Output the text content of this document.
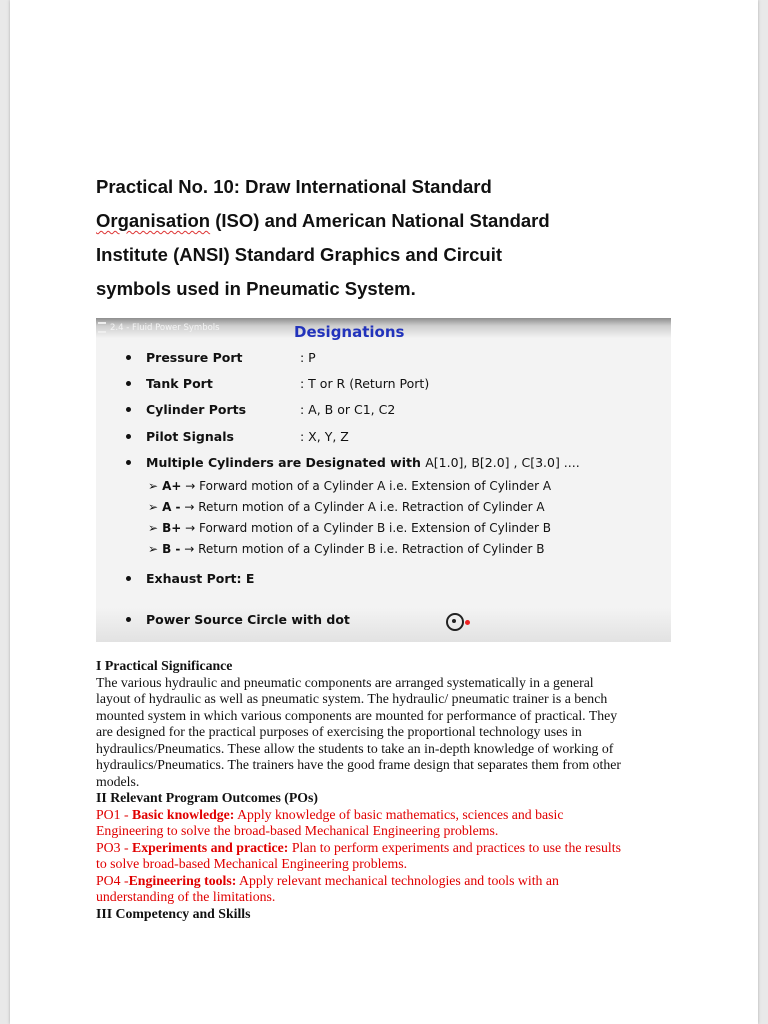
Practical No. 10: Draw International Standard
Organisation (ISO) and American National Standard
Institute (ANSI) Standard Graphics and Circuit
symbols used in Pneumatic System.
2.4 - Fluid Power Symbols	Designations
Pressure Port	: P
Tank Port	: T or R (Return Port)
Cylinder Ports	: A, B or C1, C2
Pilot Signals	: X, Y, Z
Multiple Cylinders are Designated with A[1.0], B[2.0] , C[3.0] ....
➢ A+ → Forward motion of a Cylinder A i.e. Extension of Cylinder A
➢ A - → Return motion of a Cylinder A i.e. Retraction of Cylinder A
➢ B+ → Forward motion of a Cylinder B i.e. Extension of Cylinder B
➢ B - → Return motion of a Cylinder B i.e. Retraction of Cylinder B
Exhaust Port: E
Power Source Circle with dot

I Practical Significance

The various hydraulic and pneumatic components are arranged systematically in a general layout of hydraulic as well as pneumatic system. The hydraulic/ pneumatic trainer is a bench mounted system in which various components are mounted for performance of practical. They are designed for the practical purposes of exercising the proportional technology uses in hydraulics/Pneumatics. These allow the students to take an in-depth knowledge of working of hydraulics/Pneumatics. The trainers have the good frame design that separates them from other models.

II Relevant Program Outcomes (POs)

PO1 - Basic knowledge: Apply knowledge of basic mathematics, sciences and basic Engineering to solve the broad-based Mechanical Engineering problems.

PO3 - Experiments and practice: Plan to perform experiments and practices to use the results to solve broad-based Mechanical Engineering problems.

PO4 -Engineering tools: Apply relevant mechanical technologies and tools with an understanding of the limitations.

III Competency and Skills
